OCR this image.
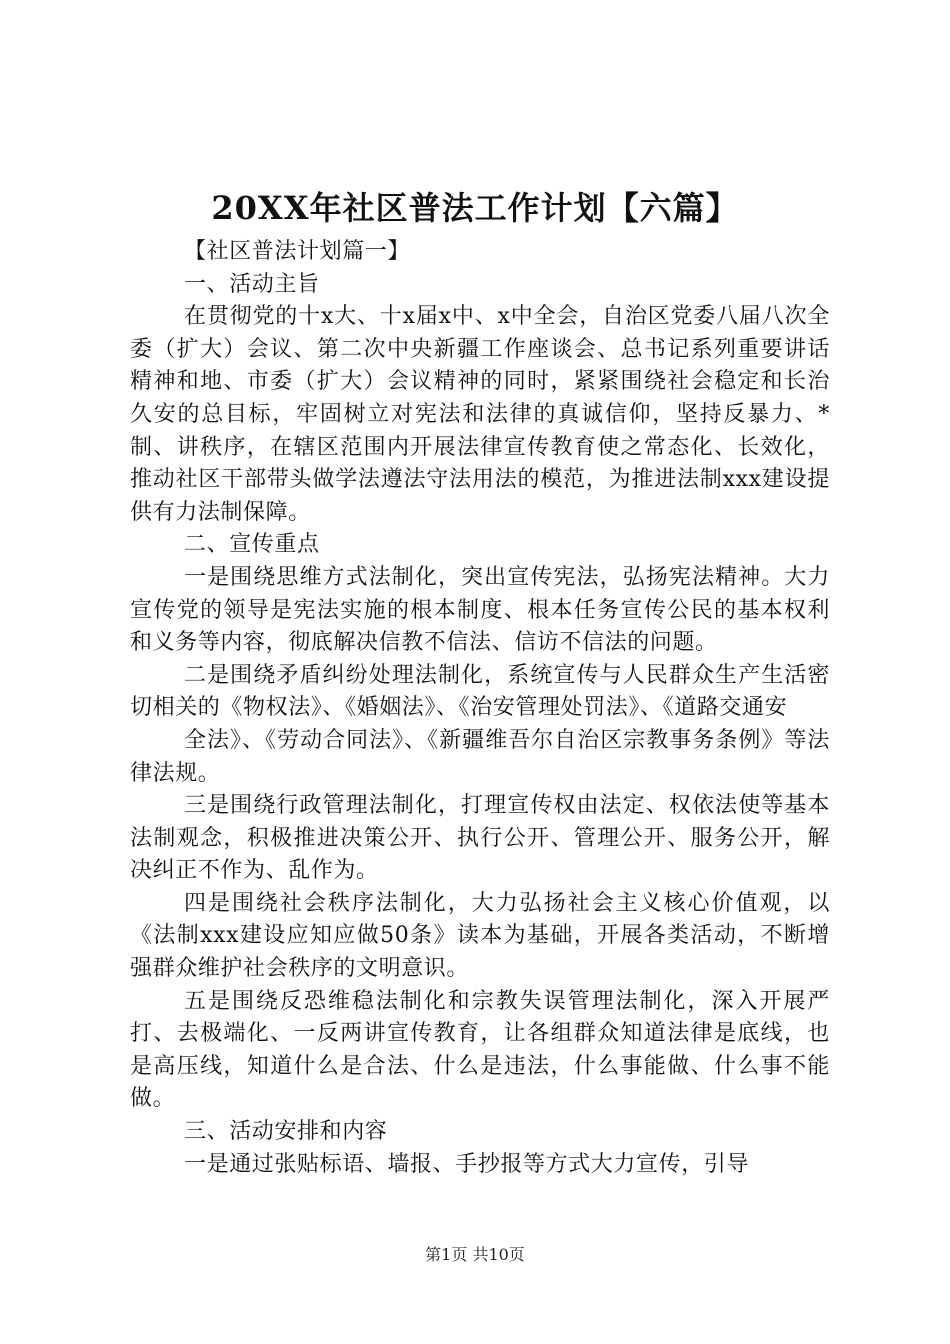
20XX年社区普法工作计划【六篇】

【社区普法计划篇一】

一、活动主旨

在贯彻党的十x大、十x届x中、x中全会，自治区党委八届八次全委（扩大）会议、第二次中央新疆工作座谈会、总书记系列重要讲话精神和地、市委（扩大）会议精神的同时，紧紧围绕社会稳定和长治久安的总目标，牢固树立对宪法和法律的真诚信仰，坚持反暴力、*制、讲秩序，在辖区范围内开展法律宣传教育使之常态化、长效化，推动社区干部带头做学法遵法守法用法的模范，为推进法制xxx建设提供有力法制保障。

二、宣传重点

一是围绕思维方式法制化，突出宣传宪法，弘扬宪法精神。大力宣传党的领导是宪法实施的根本制度、根本任务宣传公民的基本权利和义务等内容，彻底解决信教不信法、信访不信法的问题。

二是围绕矛盾纠纷处理法制化，系统宣传与人民群众生产生活密切相关的《物权法》、《婚姻法》、《治安管理处罚法》、《道路交通安

全法》、《劳动合同法》、《新疆维吾尔自治区宗教事务条例》等法律法规。

三是围绕行政管理法制化，打理宣传权由法定、权依法使等基本法制观念，积极推进决策公开、执行公开、管理公开、服务公开，解决纠正不作为、乱作为。

四是围绕社会秩序法制化，大力弘扬社会主义核心价值观，以《法制xxx建设应知应做50条》读本为基础，开展各类活动，不断增强群众维护社会秩序的文明意识。

五是围绕反恐维稳法制化和宗教失误管理法制化，深入开展严打、去极端化、一反两讲宣传教育，让各组群众知道法律是底线，也是高压线，知道什么是合法、什么是违法，什么事能做、什么事不能做。

三、活动安排和内容

一是通过张贴标语、墙报、手抄报等方式大力宣传，引导

第1页 共10页
